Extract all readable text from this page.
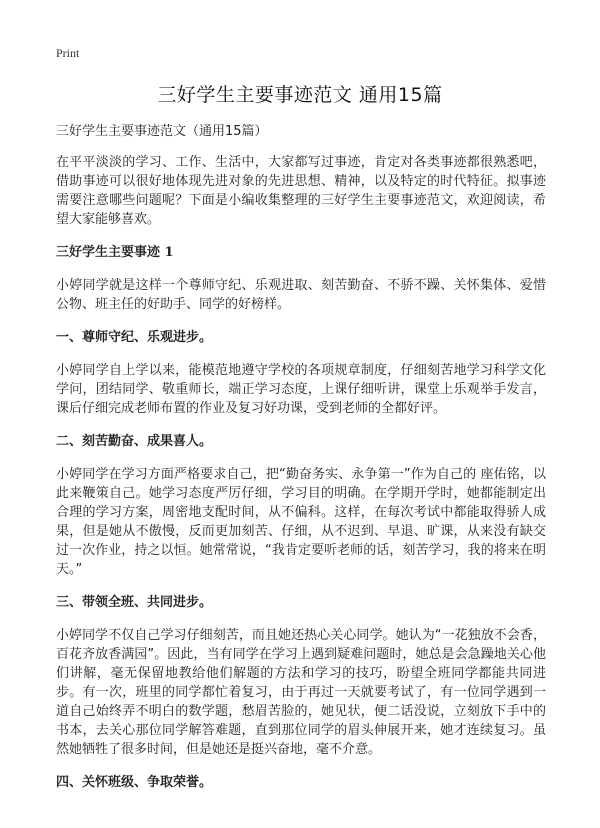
Print
三好学生主要事迹范文 通用15篇

三好学生主要事迹范文（通用15篇）

在平平淡淡的学习、工作、生活中，大家都写过事迹，肯定对各类事迹都很熟悉吧，借助事迹可以很好地体现先进对象的先进思想、精神，以及特定的时代特征。拟事迹需要注意哪些问题呢？下面是小编收集整理的三好学生主要事迹范文，欢迎阅读，希望大家能够喜欢。

三好学生主要事迹 1

小婷同学就是这样一个尊师守纪、乐观进取、刻苦勤奋、不骄不躁、关怀集体、爱惜公物、班主任的好助手、同学的好榜样。

一、尊师守纪、乐观进步。

小婷同学自上学以来，能模范地遵守学校的各项规章制度，仔细刻苦地学习科学文化学问，团结同学、敬重师长，端正学习态度，上课仔细听讲，课堂上乐观举手发言，课后仔细完成老师布置的作业及复习好功课，受到老师的全都好评。

二、刻苦勤奋、成果喜人。

小婷同学在学习方面严格要求自己，把“勤奋务实、永争第一”作为自己的 座佑铭，以此来鞭策自己。她学习态度严厉仔细，学习目的明确。在学期开学时，她都能制定出合理的学习方案，周密地支配时间，从不偏科。这样，在每次考试中都能取得骄人成果，但是她从不傲慢，反而更加刻苦、仔细，从不迟到、早退、旷课，从来没有缺交过一次作业，持之以恒。她常常说，“我肯定要听老师的话，刻苦学习，我的将来在明天。”

三、带领全班、共同进步。

小婷同学不仅自己学习仔细刻苦，而且她还热心关心同学。她认为“一花独放不会香，百花齐放香满园”。因此，当有同学在学习上遇到疑难问题时，她总是会急躁地关心他们讲解，毫无保留地教给他们解题的方法和学习的技巧，盼望全班同学都能共同进步。有一次，班里的同学都忙着复习，由于再过一天就要考试了，有一位同学遇到一道自己始终弄不明白的数学题，愁眉苦脸的，她见状，便二话没说，立刻放下手中的书本，去关心那位同学解答难题，直到那位同学的眉头伸展开来，她才连续复习。虽然她牺牲了很多时间，但是她还是挺兴奋地，毫不介意。

四、关怀班级、争取荣誉。
